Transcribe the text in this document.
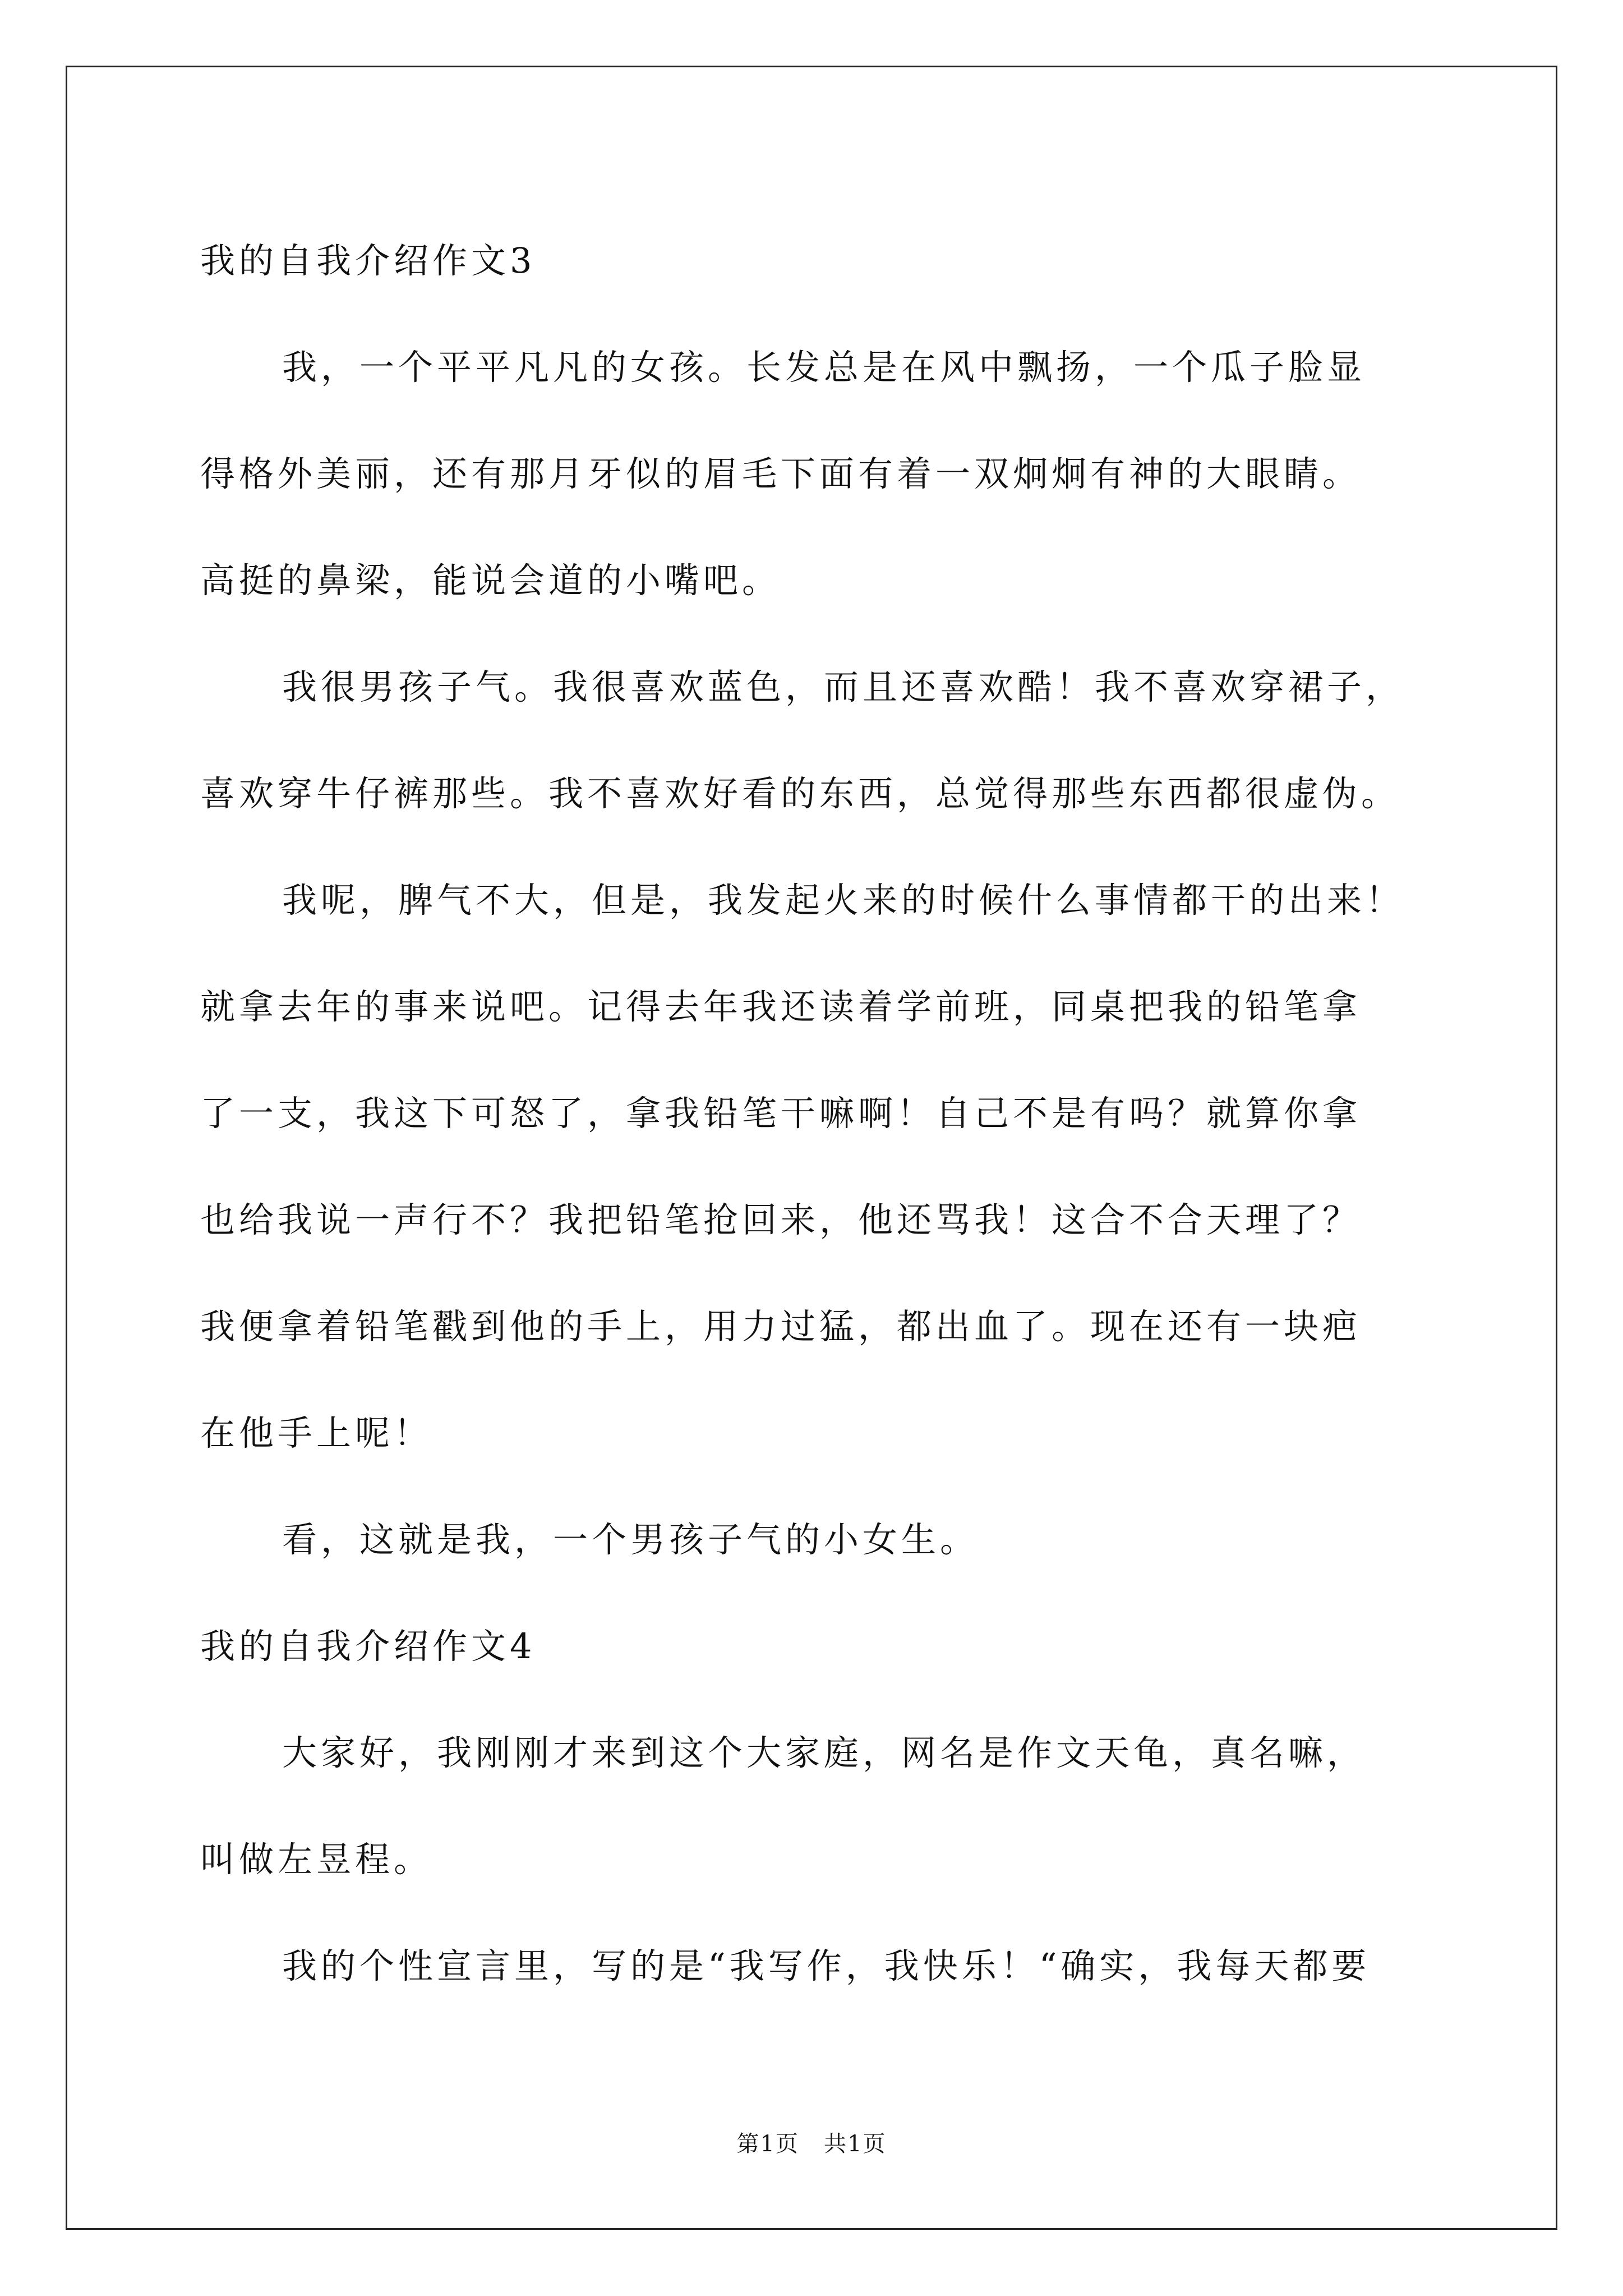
我的自我介绍作文3
我，一个平平凡凡的女孩。长发总是在风中飘扬，一个瓜子脸显
得格外美丽，还有那月牙似的眉毛下面有着一双炯炯有神的大眼睛。
高挺的鼻梁，能说会道的小嘴吧。
我很男孩子气。我很喜欢蓝色，而且还喜欢酷！我不喜欢穿裙子，
喜欢穿牛仔裤那些。我不喜欢好看的东西，总觉得那些东西都很虚伪。
我呢，脾气不大，但是，我发起火来的时候什么事情都干的出来！
就拿去年的事来说吧。记得去年我还读着学前班，同桌把我的铅笔拿
了一支，我这下可怒了，拿我铅笔干嘛啊！自己不是有吗？就算你拿
也给我说一声行不？我把铅笔抢回来，他还骂我！这合不合天理了？
我便拿着铅笔戳到他的手上，用力过猛，都出血了。现在还有一块疤
在他手上呢！
看，这就是我，一个男孩子气的小女生。
我的自我介绍作文4
大家好，我刚刚才来到这个大家庭，网名是作文天龟，真名嘛，
叫做左昱程。
我的个性宣言里，写的是“我写作，我快乐！“确实，我每天都要
第1页   共1页
